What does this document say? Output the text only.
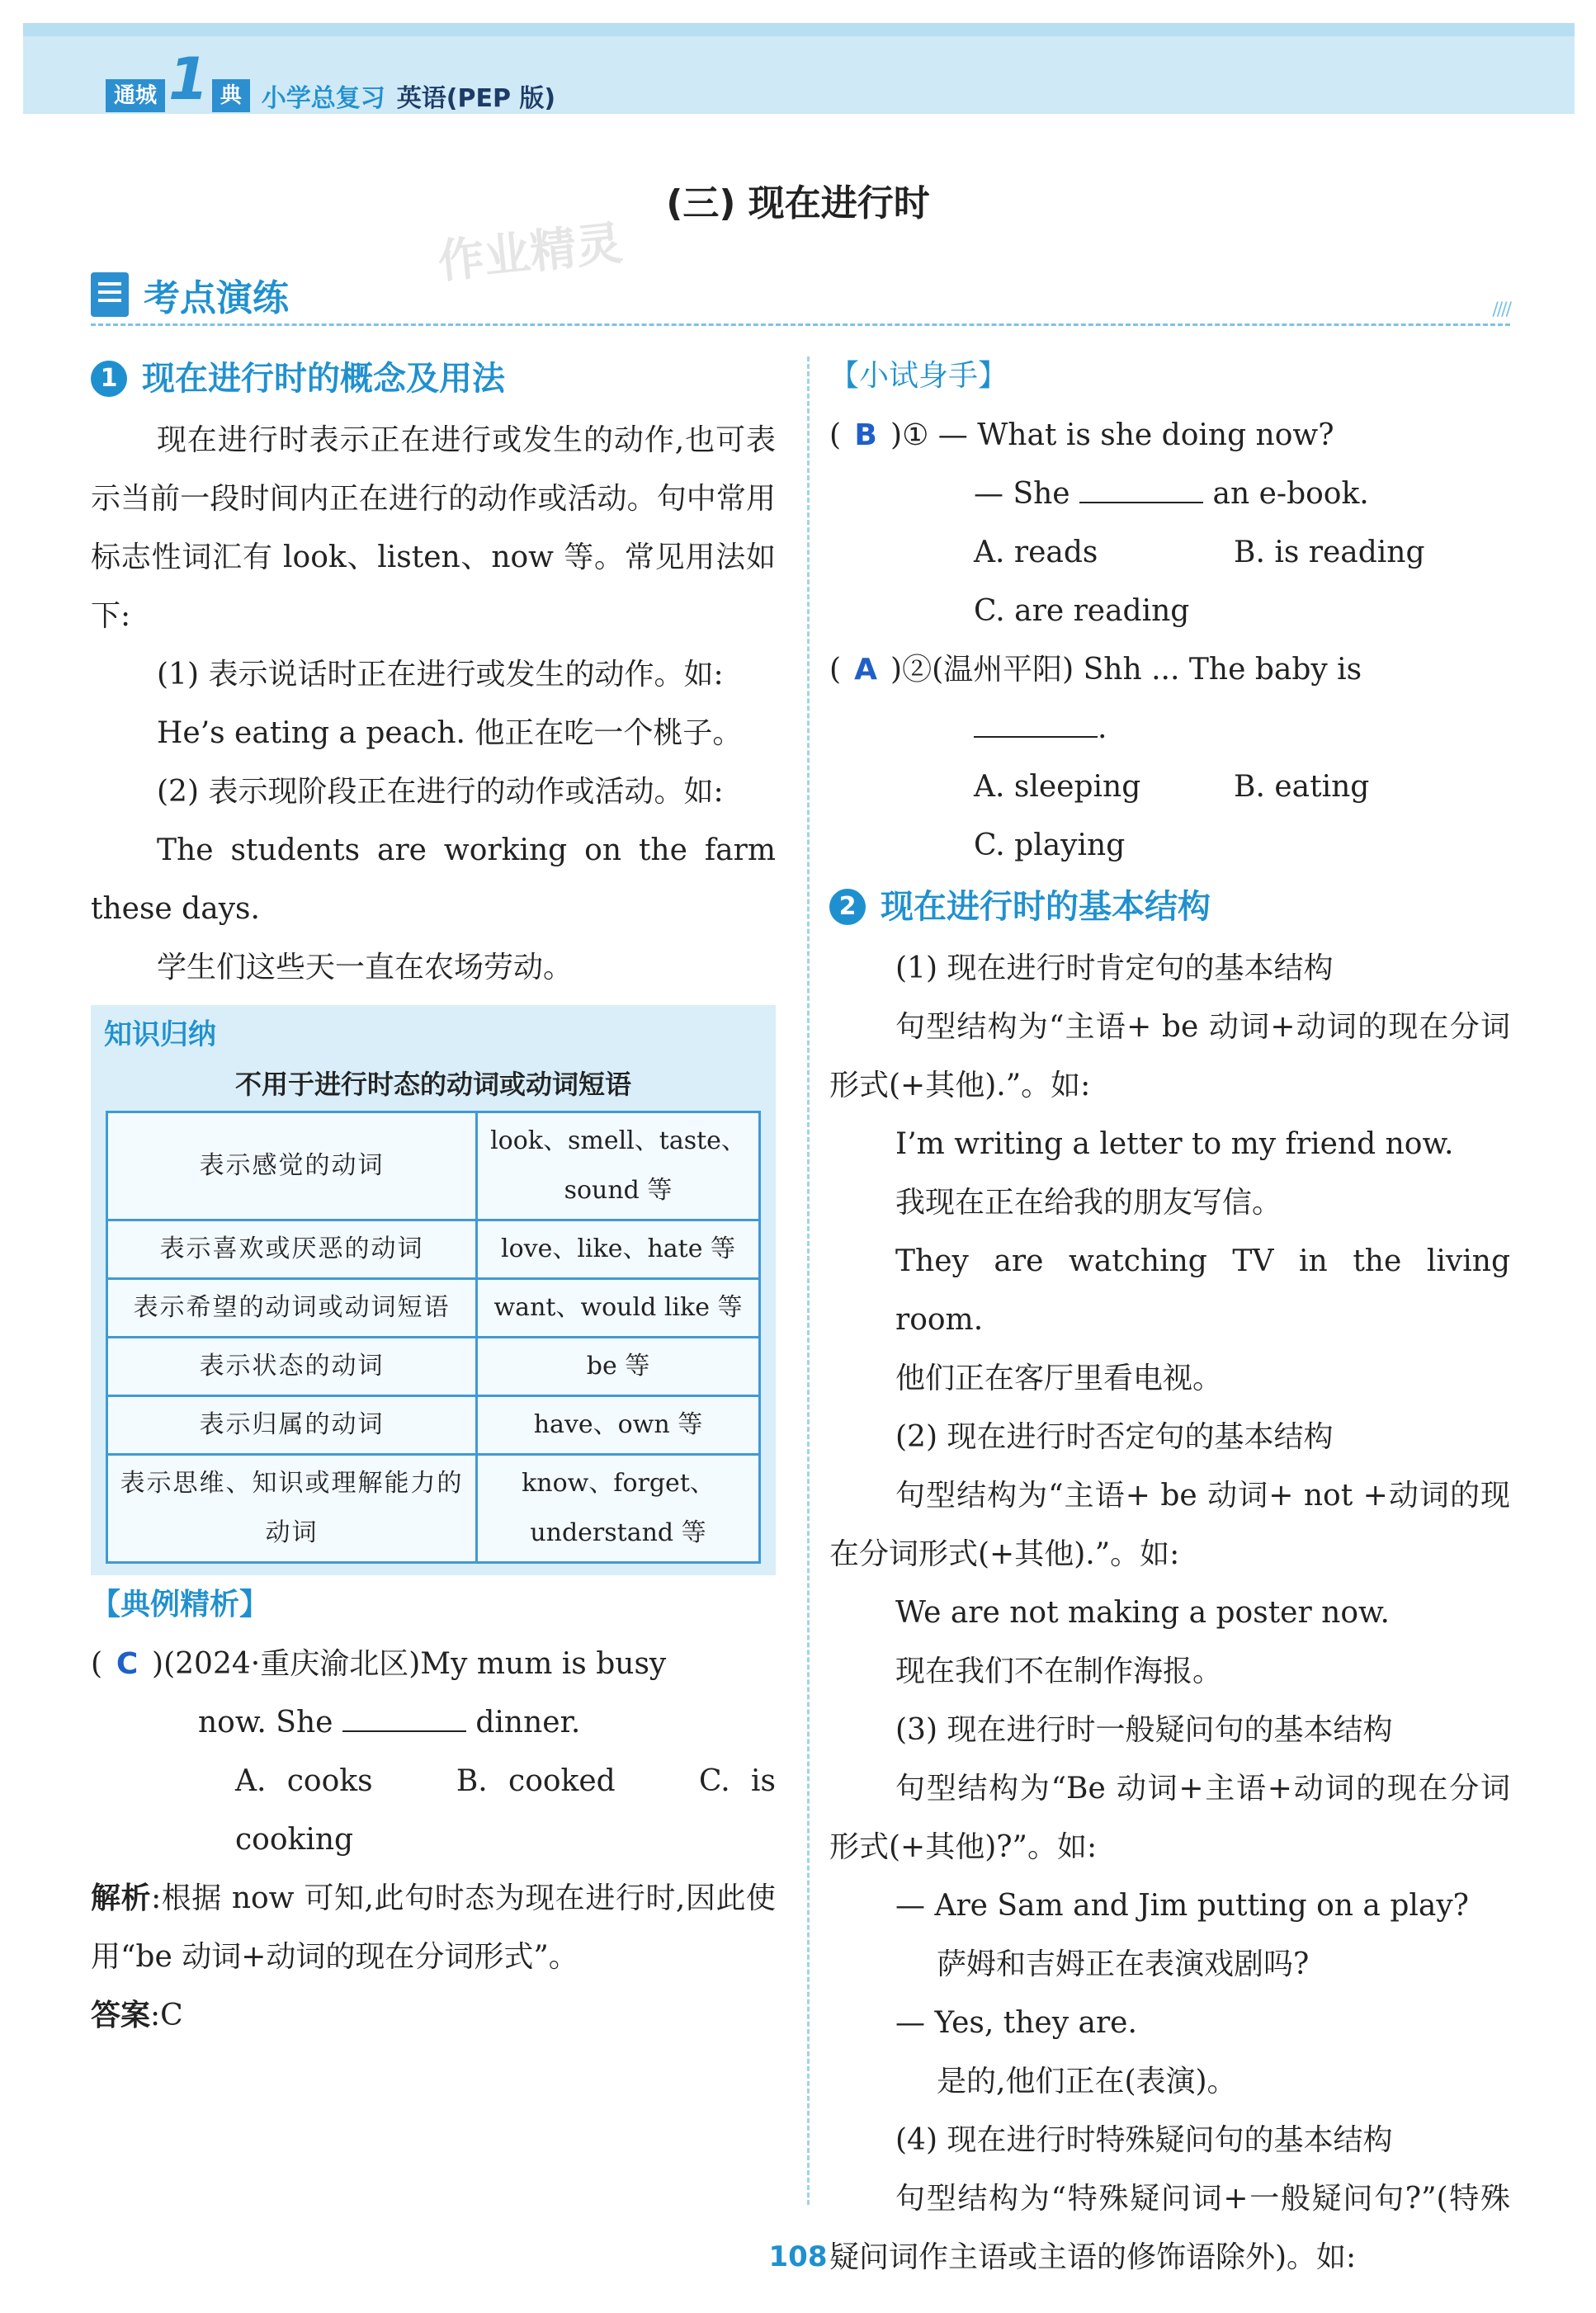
通城 1 典 小学总复习 英语(PEP 版)
(三) 现在进行时
作业精灵
考点演练	////
1 现在进行时的概念及用法

现在进行时表示正在进行或发生的动作,也可表示当前一段时间内正在进行的动作或活动。句中常用标志性词汇有 look、listen、now 等。常见用法如下:

(1) 表示说话时正在进行或发生的动作。如:

He’s eating a peach. 他正在吃一个桃子。

(2) 表示现阶段正在进行的动作或活动。如:

The students are working on the farm these days.

学生们这些天一直在农场劳动。

知识归纳
不用于进行时态的动词或动词短语
表示感觉的动词	look、smell、taste、sound 等
表示喜欢或厌恶的动词	love、like、hate 等
表示希望的动词或动词短语	want、would like 等
表示状态的动词	be 等
表示归属的动词	have、own 等
表示思维、知识或理解能力的动词	know、forget、understand 等
【典例精析】

( C )(2024·重庆渝北区)My mum is busy

now. She	dinner.

A. cooks	B. cooked	C. is cooking

解析:根据 now 可知,此句时态为现在进行时,因此使用“be 动词+动词的现在分词形式”。

答案:C

【小试身手】

( B )① — What is she doing now?

— She	an e-book.

A. reads	B. is reading

C. are reading

( A )②(温州平阳) Shh ... The baby is

.

A. sleeping	B. eating

C. playing

2 现在进行时的基本结构

(1) 现在进行时肯定句的基本结构

句型结构为“主语+ be 动词+动词的现在分词形式(+其他).”。如:

I’m writing a letter to my friend now.

我现在正在给我的朋友写信。

They are watching TV in the living room.

他们正在客厅里看电视。

(2) 现在进行时否定句的基本结构

句型结构为“主语+ be 动词+ not +动词的现在分词形式(+其他).”。如:

We are not making a poster now.

现在我们不在制作海报。

(3) 现在进行时一般疑问句的基本结构

句型结构为“Be 动词+主语+动词的现在分词形式(+其他)?”。如:

— Are Sam and Jim putting on a play?

萨姆和吉姆正在表演戏剧吗?

— Yes, they are.

是的,他们正在(表演)。

(4) 现在进行时特殊疑问句的基本结构

句型结构为“特殊疑问词+一般疑问句?”(特殊疑问词作主语或主语的修饰语除外)。如:

108
